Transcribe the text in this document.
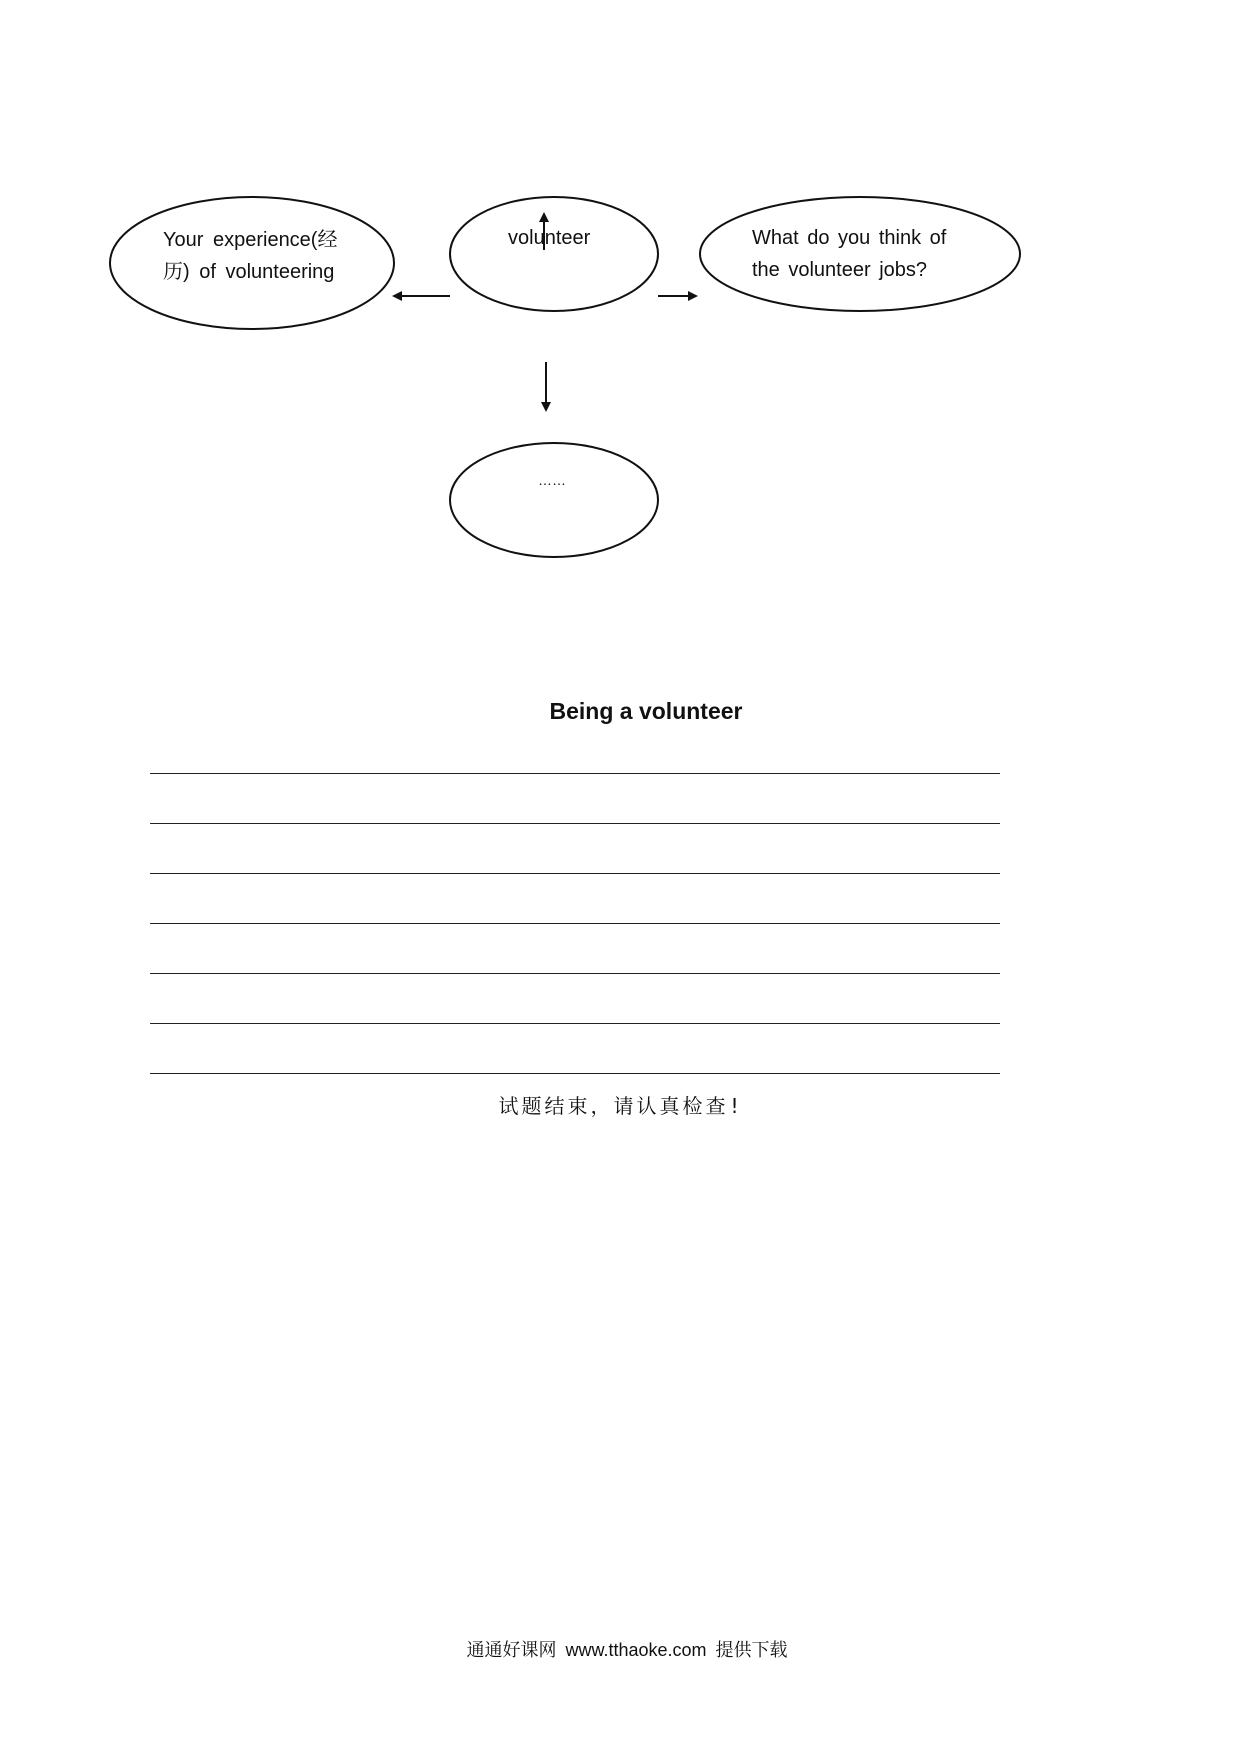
Your experience(经历) of volunteering
volunteer	What do you think of the volunteer jobs?
……
Being a volunteer
试题结束，请认真检查!
通通好课网 www.tthaoke.com 提供下载
